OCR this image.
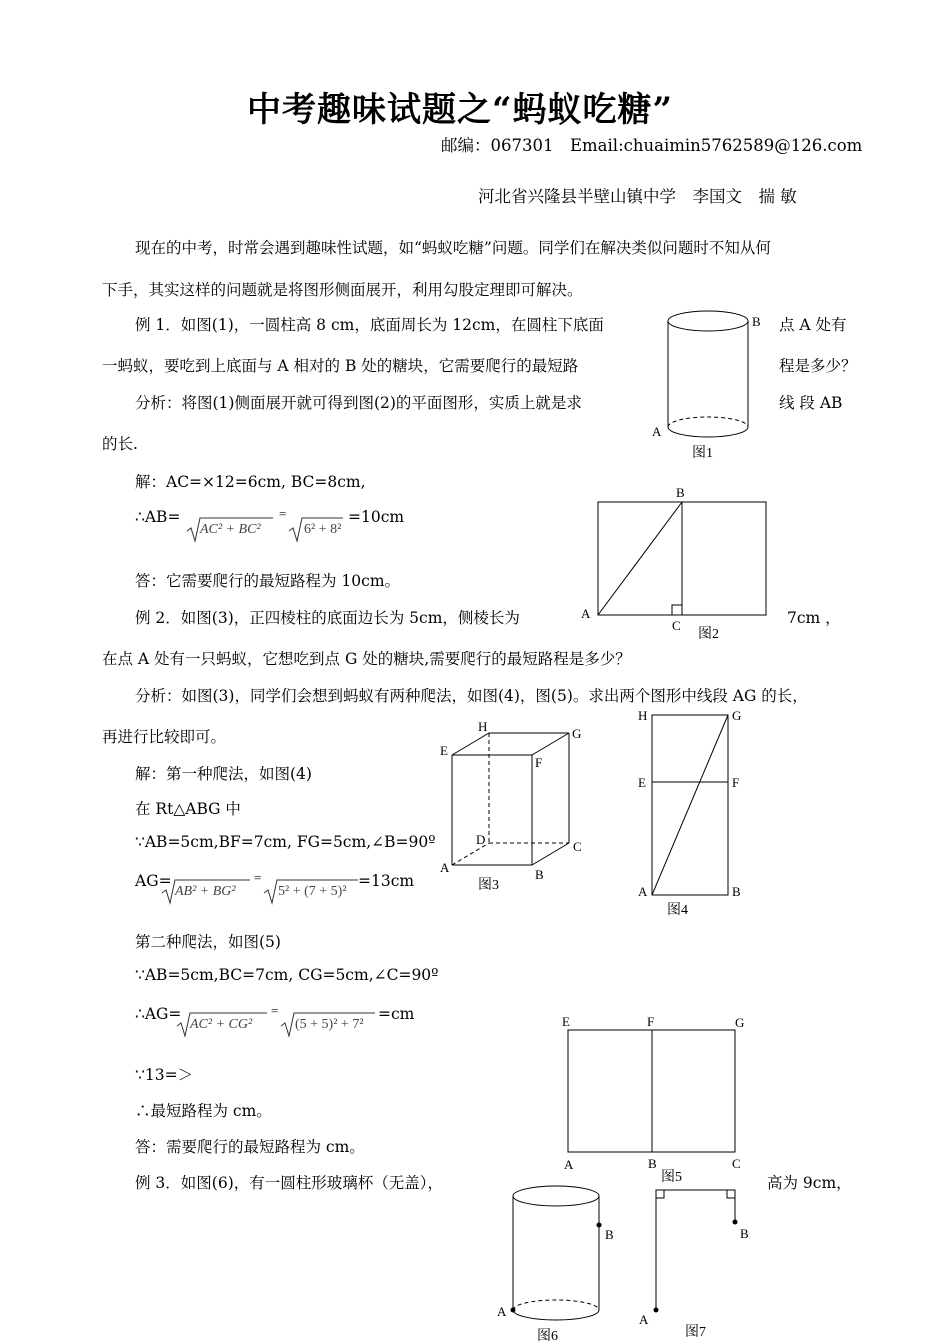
中考趣味试题之“蚂蚁吃糖”
邮编：067301　Email:chuaimin5762589@126.com
河北省兴隆县半壁山镇中学　李国文　揣 敏
现在的中考，时常会遇到趣味性试题，如“蚂蚁吃糖”问题。同学们在解决类似问题时不知从何
下手，其实这样的问题就是将图形侧面展开，利用勾股定理即可解决。
例 1．如图(1)，一圆柱高 8 cm，底面周长为 12cm，在圆柱下底面	点 A 处有
一蚂蚁，要吃到上底面与 A 相对的 B 处的糖块，它需要爬行的最短路	程是多少？
分析：将图(1)侧面展开就可得到图(2)的平面图形，实质上就是求	线 段 AB
的长.
解：AC=×12=6cm, BC=8cm,
∴AB=
AC² + BC²
=
6² + 8²
=10cm
答：它需要爬行的最短路程为 10cm。
例 2．如图(3)，正四棱柱的底面边长为 5cm，侧棱长为	7cm ，
在点 A 处有一只蚂蚁，它想吃到点 G 处的糖块,需要爬行的最短路程是多少？
分析：如图(3)，同学们会想到蚂蚁有两种爬法，如图(4)，图(5)。求出两个图形中线段 AG 的长，
再进行比较即可。
解：第一种爬法，如图(4)
在 Rt△ABG 中
∵AB=5cm,BF=7cm, FG=5cm,∠B=90º
AG=
AB² + BG²
=
5² + (7 + 5)²
=13cm
第二种爬法，如图(5)
∵AB=5cm,BC=7cm, CG=5cm,∠C=90º
∴AG=
AC² + CG²
=
(5 + 5)² + 7²
=cm
∵13=＞
∴最短路程为 cm。
答：需要爬行的最短路程为 cm。
例 3．如图(6)，有一圆柱形玻璃杯（无盖），	高为 9cm，
A
B
图1
B
A
C
图2
E
H	G
F
D	C
A	B
图3
H	G
E	F
A	B
图4
E	F	G
A	B	C
图5
B
A
图6
B
A
图7
